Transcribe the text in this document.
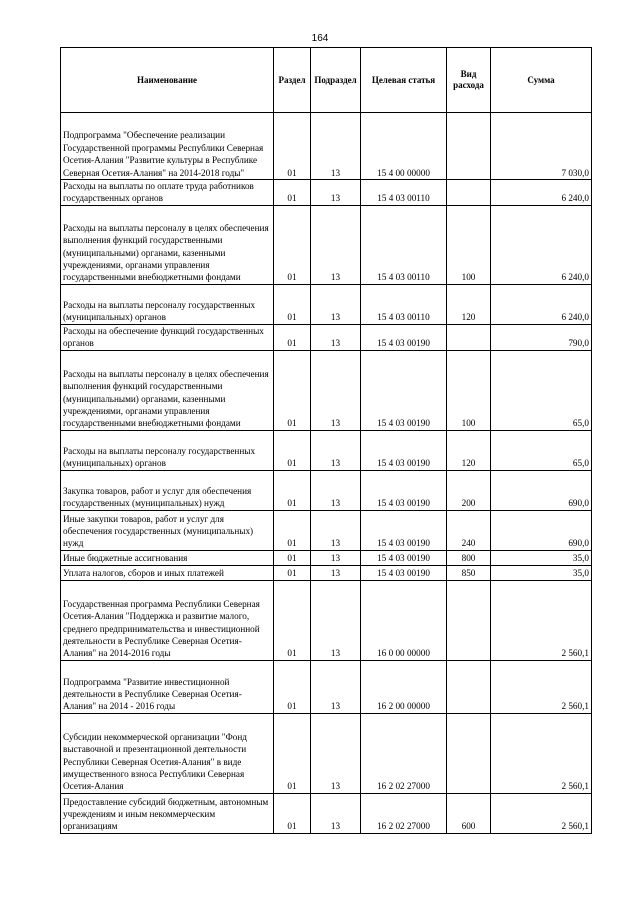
164
Наименование	Раздел	Подраздел	Целевая статья	Вид расхода	Сумма
Подпрограмма "Обеспечение реализации Государственной программы Республики Северная Осетия-Алания "Развитие культуры в Республике Северная Осетия-Алания" на 2014-2018 годы"	01	13	15 4 00 00000		7 030,0
Расходы на выплаты по оплате труда работников государственных органов	01	13	15 4 03 00110		6 240,0
Расходы на выплаты персоналу в целях обеспечения выполнения функций государственными (муниципальными) органами, казенными учреждениями, органами управления государственными внебюджетными фондами	01	13	15 4 03 00110	100	6 240,0
Расходы на выплаты персоналу государственных (муниципальных) органов	01	13	15 4 03 00110	120	6 240,0
Расходы на обеспечение функций государственных органов	01	13	15 4 03 00190		790,0
Расходы на выплаты персоналу в целях обеспечения выполнения функций государственными (муниципальными) органами, казенными учреждениями, органами управления государственными внебюджетными фондами	01	13	15 4 03 00190	100	65,0
Расходы на выплаты персоналу государственных (муниципальных) органов	01	13	15 4 03 00190	120	65,0
Закупка товаров, работ и услуг для обеспечения государственных (муниципальных) нужд	01	13	15 4 03 00190	200	690,0
Иные закупки товаров, работ и услуг для обеспечения государственных (муниципальных) нужд	01	13	15 4 03 00190	240	690,0
Иные бюджетные ассигнования	01	13	15 4 03 00190	800	35,0
Уплата налогов, сборов и иных платежей	01	13	15 4 03 00190	850	35,0
Государственная программа Республики Северная Осетия-Алания "Поддержка и развитие малого, среднего предпринимательства и инвестиционной деятельности в Республике Северная Осетия-Алания" на 2014-2016 годы	01	13	16 0 00 00000		2 560,1
Подпрограмма "Развитие инвестиционной деятельности в Республике Северная Осетия-Алания" на 2014 - 2016 годы	01	13	16 2 00 00000		2 560,1
Субсидии некоммерческой организации "Фонд выставочной и презентационной деятельности Республики Северная Осетия-Алания" в виде имущественного взноса Республики Северная Осетия-Алания	01	13	16 2 02 27000		2 560,1
Предоставление субсидий бюджетным, автономным учреждениям и иным некоммерческим организациям	01	13	16 2 02 27000	600	2 560,1
